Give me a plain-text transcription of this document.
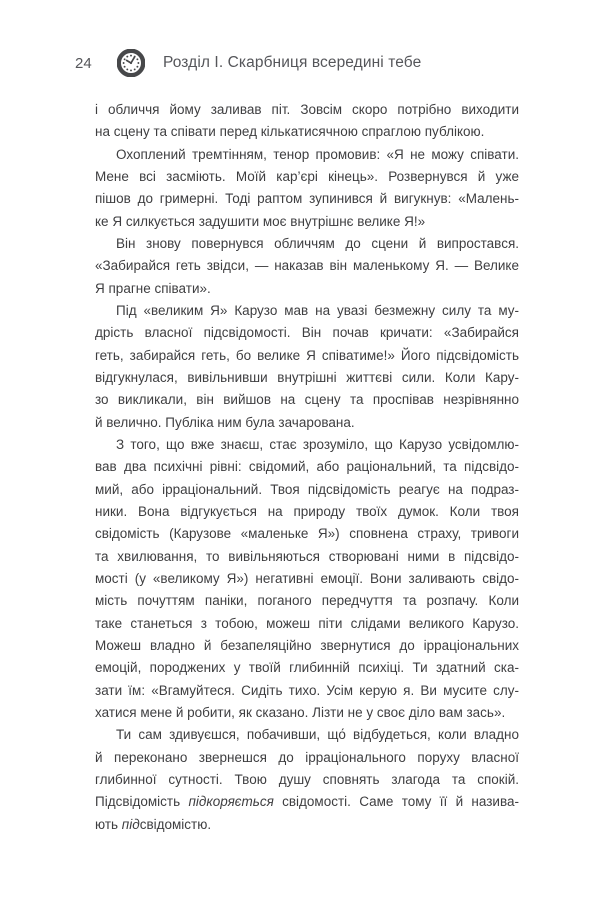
24	Розділ І. Скарбниця всередині тебе
і обличчя йому заливав піт. Зовсім скоро потрібно виходити
на сцену та співати перед кількатисячною спраглою публікою.
Охоплений тремтінням, тенор промовив: «Я не можу співати.
Мене всі засміють. Моїй кар’єрі кінець». Розвернувся й уже
пішов до гримерні. Тоді раптом зупинився й вигукнув: «Малень-
ке Я силкується задушити моє внутрішнє велике Я!»
Він знову повернувся обличчям до сцени й випростався.
«Забирайся геть звідси, — наказав він маленькому Я. — Велике
Я прагне співати».
Під «великим Я» Карузо мав на увазі безмежну силу та му-
дрість власної підсвідомості. Він почав кричати: «Забирайся
геть, забирайся геть, бо велике Я співатиме!» Його підсвідомість
відгукнулася, вивільнивши внутрішні життєві сили. Коли Кару-
зо викликали, він вийшов на сцену та проспівав незрівнянно
й велично. Публіка ним була зачарована.
З того, що вже знаєш, стає зрозуміло, що Карузо усвідомлю-
вав два психічні рівні: свідомий, або раціональний, та підсвідо-
мий, або ірраціональний. Твоя підсвідомість реагує на подраз-
ники. Вона відгукується на природу твоїх думок. Коли твоя
свідомість (Карузове «маленьке Я») сповнена страху, тривоги
та хвилювання, то вивільняються створювані ними в підсвідо-
мості (у «великому Я») негативні емоції. Вони заливають свідо-
мість почуттям паніки, поганого передчуття та розпачу. Коли
таке станеться з тобою, можеш піти слідами великого Карузо.
Можеш владно й безапеляційно звернутися до ірраціональних
емоцій, породжених у твоїй глибинній психіці. Ти здатний ска-
зати їм: «Вгамуйтеся. Сидіть тихо. Усім керую я. Ви мусите слу-
хатися мене й робити, як сказано. Лізти не у своє діло вам зась».
Ти сам здивуєшся, побачивши, що́ відбудеться, коли владно
й переконано звернешся до ірраціонального поруху власної
глибинної сутності. Твою душу сповнять злагода та спокій.
Підсвідомість підкоряється свідомості. Саме тому її й назива-
ють підсвідомістю.
